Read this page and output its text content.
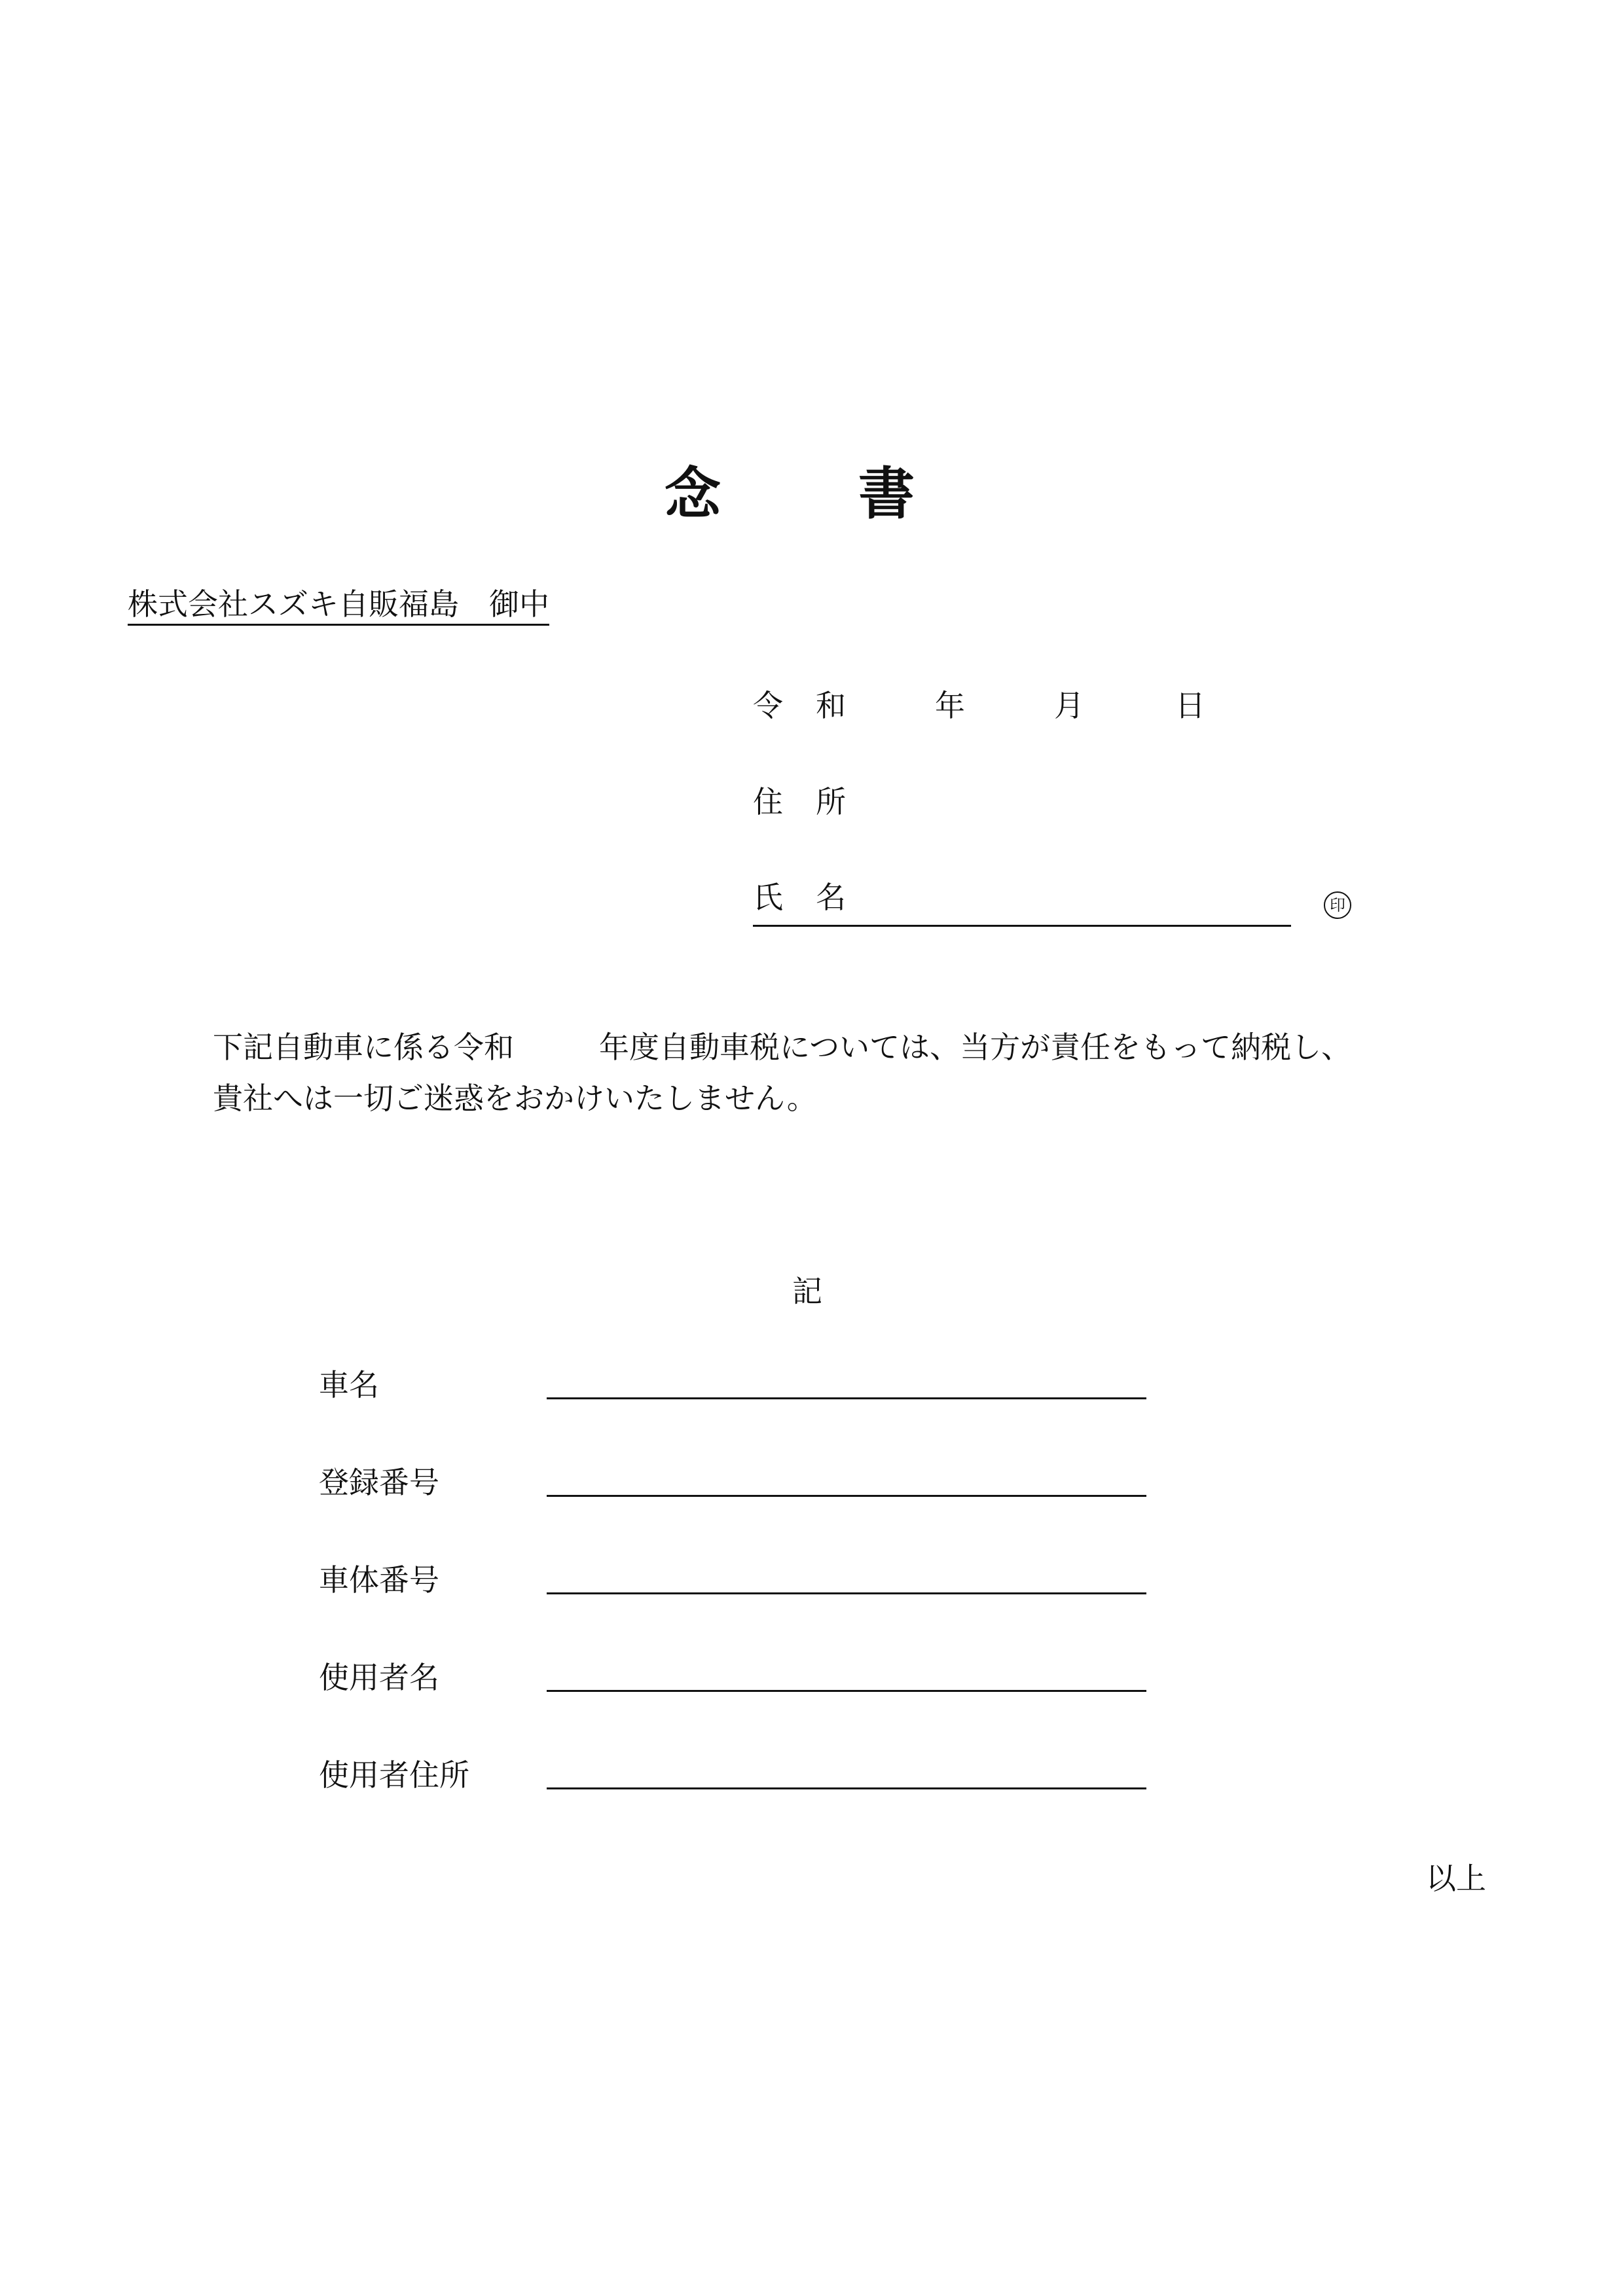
念 書
株式会社スズキ自販福島 御中
令 和	年	月	日
住 所
氏 名	印
下記自動車に係る令和	年度自動車税については、当方が責任をもって納税し、
貴社へは一切ご迷惑をおかけいたしません。
記
車名
登録番号
車体番号
使用者名
使用者住所
以上
